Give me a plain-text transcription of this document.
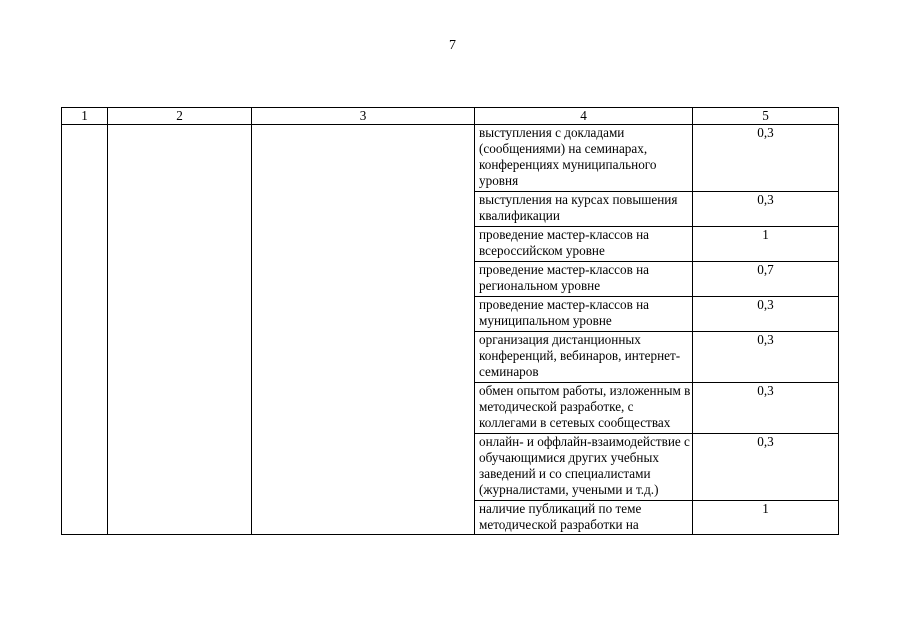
7
1	2	3	4	5
			выступления с докладами (сообщениями) на семинарах, конференциях муниципального уровня	0,3
			выступления на курсах повышения квалификации	0,3
			проведение мастер-классов на всероссийском уровне	1
			проведение мастер-классов на региональном уровне	0,7
			проведение мастер-классов на муниципальном уровне	0,3
			организация дистанционных конференций, вебинаров, интернет-семинаров	0,3
			обмен опытом работы, изложенным в методической разработке, с коллегами в сетевых сообществах	0,3
			онлайн- и оффлайн-взаимодействие с обучающимися других учебных заведений и со специалистами (журналистами, учеными и т.д.)	0,3
			наличие публикаций по теме методической разработки на	1
